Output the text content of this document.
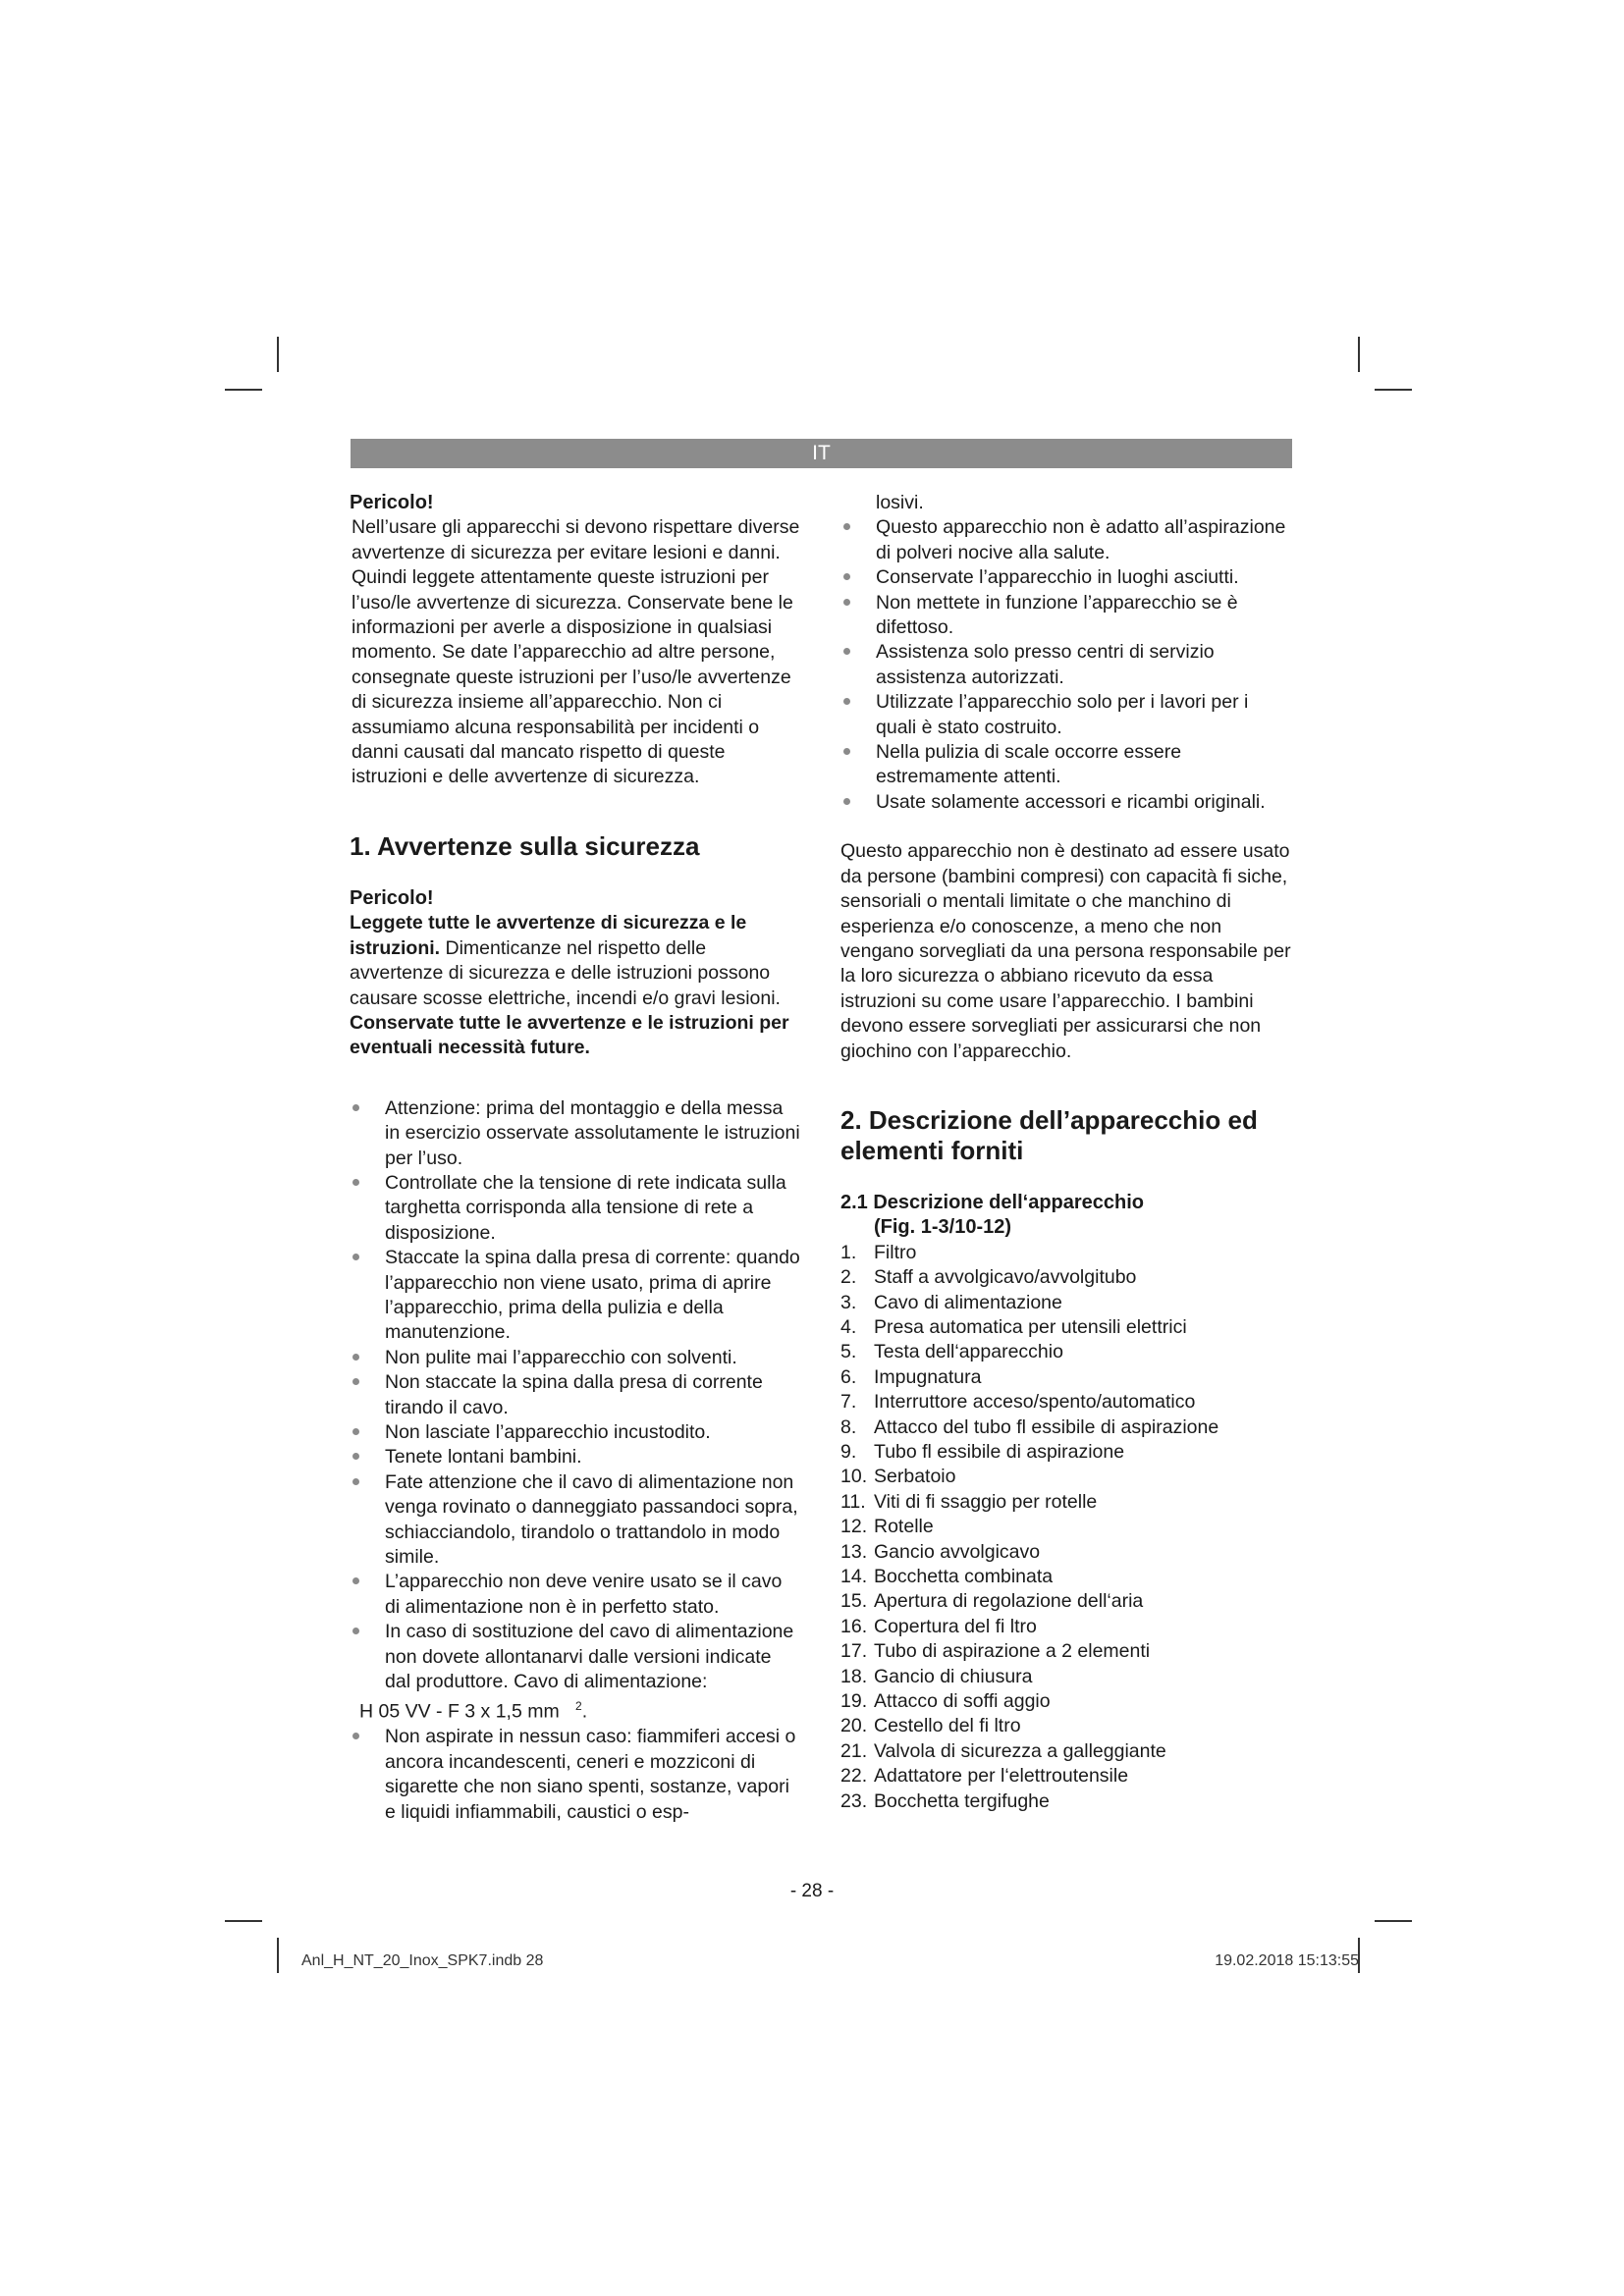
IT

Pericolo!

Nell’usare gli apparecchi si devono rispettare diverse avvertenze di sicurezza per evitare lesioni e danni. Quindi leggete attentamente queste istruzioni per l’uso/le avvertenze di sicurezza. Conservate bene le informazioni per averle a disposizione in qualsiasi momento. Se date l’apparecchio ad altre persone, consegnate queste istruzioni per l’uso/le avvertenze di sicurezza insieme all’apparecchio. Non ci assumiamo alcuna responsabilità per incidenti o danni causati dal mancato rispetto di queste istruzioni e delle avvertenze di sicurezza.

1. Avvertenze sulla sicurezza

Pericolo!

Leggete tutte le avvertenze di sicurezza e le istruzioni. Dimenticanze nel rispetto delle avvertenze di sicurezza e delle istruzioni possono causare scosse elettriche, incendi e/o gravi lesioni.

Conservate tutte le avvertenze e le istruzioni per eventuali necessità future.

Attenzione: prima del montaggio e della messa in esercizio osservate assolutamente le istruzioni per l’uso.
Controllate che la tensione di rete indicata sulla targhetta corrisponda alla tensione di rete a disposizione.
Staccate la spina dalla presa di corrente: quando l’apparecchio non viene usato, prima di aprire l’apparecchio, prima della pulizia e della manutenzione.
Non pulite mai l’apparecchio con solventi.
Non staccate la spina dalla presa di corrente tirando il cavo.
Non lasciate l’apparecchio incustodito.
Tenete lontani bambini.
Fate attenzione che il cavo di alimentazione non venga rovinato o danneggiato passandoci sopra, schiacciandolo, tirandolo o trattandolo in modo simile.
L’apparecchio non deve venire usato se il cavo di alimentazione non è in perfetto stato.
In caso di sostituzione del cavo di alimentazione non dovete allontanarvi dalle versioni indicate dal produttore. Cavo di alimentazione:

H 05 VV - F 3 x 1,5 mm $^2$.

Non aspirate in nessun caso: fiammiferi accesi o ancora incandescenti, ceneri e mozziconi di sigarette che non siano spenti, sostanze, vapori e liquidi infiammabili, caustici o esp-
losivi.
Questo apparecchio non è adatto all’aspirazione di polveri nocive alla salute.
Conservate l’apparecchio in luoghi asciutti.
Non mettete in funzione l’apparecchio se è difettoso.
Assistenza solo presso centri di servizio assistenza autorizzati.
Utilizzate l’apparecchio solo per i lavori per i quali è stato costruito.
Nella pulizia di scale occorre essere estremamente attenti.
Usate solamente accessori e ricambi originali.

Questo apparecchio non è destinato ad essere usato da persone (bambini compresi) con capacità fi siche, sensoriali o mentali limitate o che manchino di esperienza e/o conoscenze, a meno che non vengano sorvegliati da una persona responsabile per la loro sicurezza o abbiano ricevuto da essa istruzioni su come usare l’apparecchio. I bambini devono essere sorvegliati per assicurarsi che non giochino con l’apparecchio.

2. Descrizione dell’apparecchio ed elementi forniti

2.1 Descrizione dell‘apparecchio

(Fig. 1-3/10-12)

1. Filtro
2. Staff a avvolgicavo/avvolgitubo
3. Cavo di alimentazione
4. Presa automatica per utensili elettrici
5. Testa dell‘apparecchio
6. Impugnatura
7. Interruttore acceso/spento/automatico
8. Attacco del tubo fl essibile di aspirazione
9. Tubo fl essibile di aspirazione
10. Serbatoio
11. Viti di fi ssaggio per rotelle
12. Rotelle
13. Gancio avvolgicavo
14. Bocchetta combinata
15. Apertura di regolazione dell‘aria
16. Copertura del fi ltro
17. Tubo di aspirazione a 2 elementi
18. Gancio di chiusura
19. Attacco di soffi aggio
20. Cestello del fi ltro
21. Valvola di sicurezza a galleggiante
22. Adattatore per l‘elettroutensile
23. Bocchetta tergifughe
- 28 -
Anl_H_NT_20_Inox_SPK7.indb 28	19.02.2018 15:13:55
